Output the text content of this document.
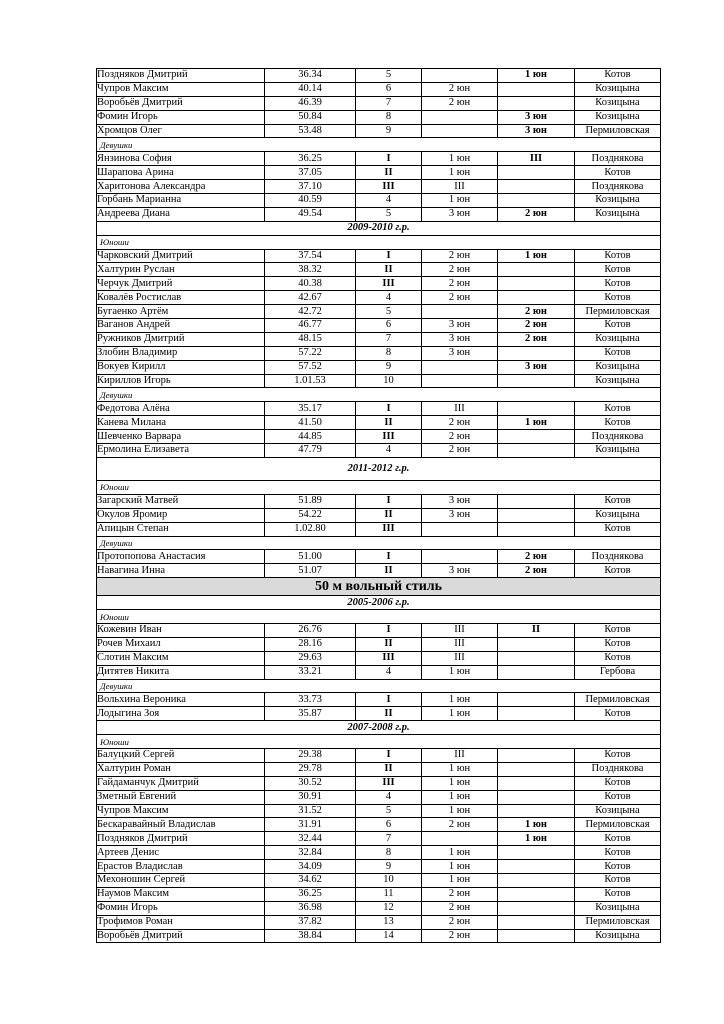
Поздняков Дмитрий	36.34	5		1 юн	Котов
Чупров Максим	40.14	6	2 юн		Козицына
Воробьёв Дмитрий	46.39	7	2 юн		Козицына
Фомин Игорь	50.84	8		3 юн	Козицына
Хромцов Олег	53.48	9		3 юн	Пермиловская
Девушки					
Янзинова София	36.25	I	1 юн	III	Позднякова
Шарапова Арина	37.05	II	1 юн		Котов
Харитонова Александра	37.10	III	III		Позднякова
Горбань Марианна	40.59	4	1 юн		Козицына
Андреева Диана	49.54	5	3 юн	2 юн	Козицына
2009-2010 г.р.					
Юноши					
Чарковский Дмитрий	37.54	I	2 юн	1 юн	Котов
Халтурин Руслан	38.32	II	2 юн		Котов
Черчук Дмитрий	40.38	III	2 юн		Котов
Ковалёв Ростислав	42.67	4	2 юн		Котов
Бугаенко Артём	42.72	5		2 юн	Пермиловская
Ваганов Андрей	46.77	6	3 юн	2 юн	Котов
Ружников Дмитрий	48.15	7	3 юн	2 юн	Козицына
Злобин Владимир	57.22	8	3 юн		Котов
Вокуев Кирилл	57.52	9		3 юн	Козицына
Кириллов Игорь	1.01.53	10			Козицына
Девушки					
Федотова Алёна	35.17	I	III		Котов
Канева Милана	41.50	II	2 юн	1 юн	Котов
Шевченко Варвара	44.85	III	2 юн		Позднякова
Ермолина Елизавета	47.79	4	2 юн		Козицына
2011-2012 г.р.					
Юноши					
Загарский Матвей	51.89	I	3 юн		Котов
Окулов Яромир	54.22	II	3 юн		Козицына
Апицын Степан	1.02.80	III			Котов
Девушки					
Протопопова Анастасия	51.00	I		2 юн	Позднякова
Навагина Инна	51.07	II	3 юн	2 юн	Котов
50 м вольный стиль					
2005-2006 г.р.					
Юноши					
Кожевин Иван	26.76	I	III	II	Котов
Рочев Михаил	28.16	II	III		Котов
Слотин Максим	29.63	III	III		Котов
Дитятев Никита	33.21	4	1 юн		Гербова
Девушки					
Вольхина Вероника	33.73	I	1 юн		Пермиловская
Лодыгина Зоя	35.87	II	1 юн		Котов
2007-2008 г.р.					
Юноши					
Балуцкий Сергей	29.38	I	III		Котов
Халтурин Роман	29.78	II	1 юн		Позднякова
Гайдаманчук Дмитрий	30.52	III	1 юн		Котов
Зметный Евгений	30.91	4	1 юн		Котов
Чупров Максим	31.52	5	1 юн		Козицына
Бескаравайный Владислав	31.91	6	2 юн	1 юн	Пермиловская
Поздняков Дмитрий	32.44	7		1 юн	Котов
Артеев Денис	32.84	8	1 юн		Котов
Ерастов Владислав	34.09	9	1 юн		Котов
Мехоношин Сергей	34.62	10	1 юн		Котов
Наумов Максим	36.25	11	2 юн		Котов
Фомин Игорь	36.98	12	2 юн		Козицына
Трофимов Роман	37.82	13	2 юн		Пермиловская
Воробьёв Дмитрий	38.84	14	2 юн		Козицына
